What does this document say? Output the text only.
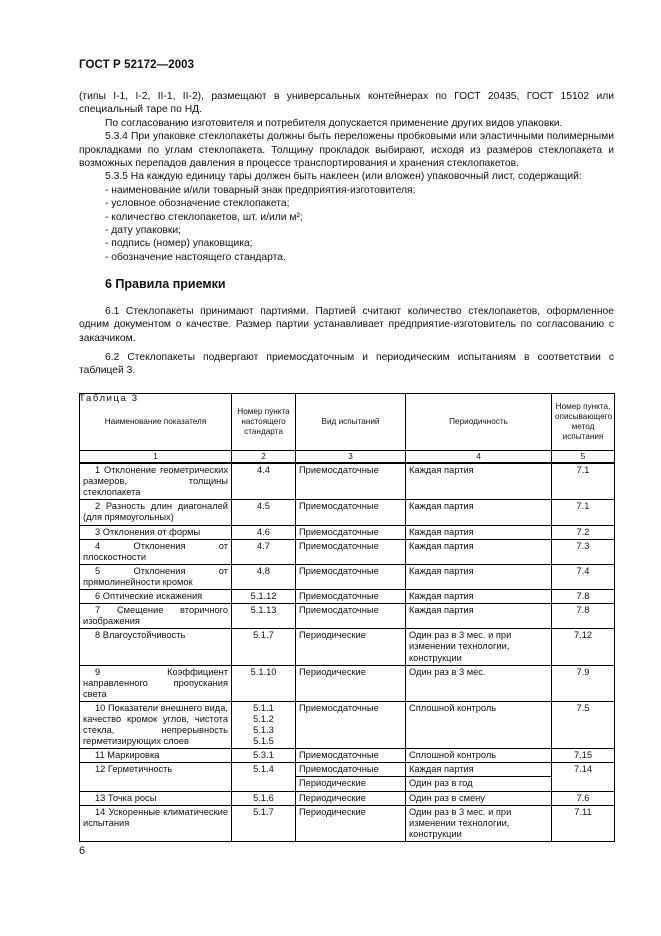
ГОСТ Р 52172—2003

(типы I-1, I-2, II-1, II-2), размещают в универсальных контейнерах по ГОСТ 20435, ГОСТ 15102 или специальный таре по НД.

По согласованию изготовителя и потребителя допускается применение других видов упаковки.

5.3.4 При упаковке стеклопакеты должны быть переложены пробковыми или эластичными полимерными прокладками по углам стеклопакета. Толщину прокладок выбирают, исходя из размеров стеклопакета и возможных перепадов давления в процессе транспортирования и хранения стеклопакетов.

5.3.5 На каждую единицу тары должен быть наклеен (или вложен) упаковочный лист, содержащий:

- наименование и/или товарный знак предприятия-изготовителя;

- условное обозначение стеклопакета;

- количество стеклопакетов, шт. и/или м²;

- дату упаковки;

- подпись (номер) упаковщика;

- обозначение настоящего стандарта.

6 Правила приемки

6.1 Стеклопакеты принимают партиями. Партией считают количество стеклопакетов, оформленное одним документом о качестве. Размер партии устанавливает предприятие-изготовитель по согласованию с заказчиком.

6.2 Стеклопакеты подвергают приемосдаточным и периодическим испытаниям в соответствии с таблицей 3.

Таблица 3

Наименование показателя	Номер пункта настоящего стандарта	Вид испытаний	Периодичность	Номер пункта, описывающего метод испытания
1	2	3	4	5
1 Отклонение геометрических размеров, толщины стеклопакета	4.4	Приемосдаточные	Каждая партия	7.1
2 Разность длин диагоналей (для прямоугольных)	4.5	Приемосдаточные	Каждая партия	7.1
3 Отклонения от формы	4.6	Приемосдаточные	Каждая партия	7.2
4 Отклонения от плоскостности	4.7	Приемосдаточные	Каждая партия	7.3
5 Отклонения от прямолинейности кромок	4.8	Приемосдаточные	Каждая партия	7.4
6 Оптические искажения	5.1.12	Приемосдаточные	Каждая партия	7.8
7 Смещение вторичного изображения	5.1.13	Приемосдаточные	Каждая партия	7.8
8 Влагоустойчивость	5.1.7	Периодические	Один раз в 3 мес. и при изменении технологии, конструкции	7.12
9 Коэффициент направленного пропускания света	5.1.10	Периодические	Один раз в 3 мес.	7.9
10 Показатели внешнего вида, качество кромок углов, чистота стекла, непрерывность герметизирующих слоев	5.1.1
5.1.2
5.1.3
5.1.5	Приемосдаточные	Сплошной контроль	7.5
11 Маркировка	5.3.1	Приемосдаточные	Сплошной контроль	7.15
12 Герметичность	5.1.4	Приемосдаточные	Каждая партия	7.14
		Периодические	Один раз в год	
13 Точка росы	5.1.6	Периодические	Один раз в смену	7.6
14 Ускоренные климатические испытания	5.1.7	Периодические	Один раз в 3 мес. и при изменении технологии, конструкции	7.11
6
